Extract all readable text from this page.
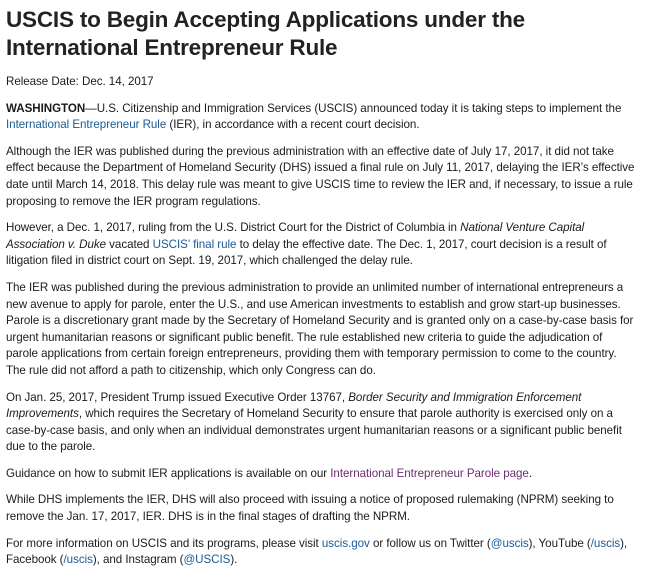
USCIS to Begin Accepting Applications under the International Entrepreneur Rule

Release Date: Dec. 14, 2017

WASHINGTON—U.S. Citizenship and Immigration Services (USCIS) announced today it is taking steps to implement the International Entrepreneur Rule (IER), in accordance with a recent court decision.

Although the IER was published during the previous administration with an effective date of July 17, 2017, it did not take effect because the Department of Homeland Security (DHS) issued a final rule on July 11, 2017, delaying the IER’s effective date until March 14, 2018. This delay rule was meant to give USCIS time to review the IER and, if necessary, to issue a rule proposing to remove the IER program regulations.

However, a Dec. 1, 2017, ruling from the U.S. District Court for the District of Columbia in National Venture Capital Association v. Duke vacated USCIS’ final rule to delay the effective date. The Dec. 1, 2017, court decision is a result of litigation filed in district court on Sept. 19, 2017, which challenged the delay rule.

The IER was published during the previous administration to provide an unlimited number of international entrepreneurs a new avenue to apply for parole, enter the U.S., and use American investments to establish and grow start-up businesses. Parole is a discretionary grant made by the Secretary of Homeland Security and is granted only on a case-by-case basis for urgent humanitarian reasons or significant public benefit. The rule established new criteria to guide the adjudication of parole applications from certain foreign entrepreneurs, providing them with temporary permission to come to the country. The rule did not afford a path to citizenship, which only Congress can do.

On Jan. 25, 2017, President Trump issued Executive Order 13767, Border Security and Immigration Enforcement Improvements, which requires the Secretary of Homeland Security to ensure that parole authority is exercised only on a case-by-case basis, and only when an individual demonstrates urgent humanitarian reasons or a significant public benefit due to the parole.

Guidance on how to submit IER applications is available on our International Entrepreneur Parole page.

While DHS implements the IER, DHS will also proceed with issuing a notice of proposed rulemaking (NPRM) seeking to remove the Jan. 17, 2017, IER. DHS is in the final stages of drafting the NPRM.

For more information on USCIS and its programs, please visit uscis.gov or follow us on Twitter (@uscis), YouTube (/uscis), Facebook (/uscis), and Instagram (@USCIS).
